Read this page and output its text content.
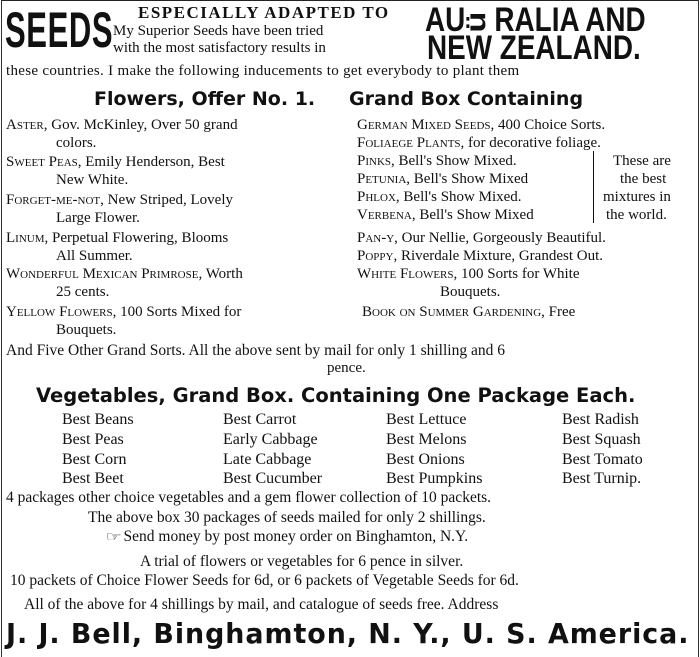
SEEDS ESPECIALLY ADAPTED TO
My Superior Seeds have been tried
with the most satisfactory results in
AUᴞ RALIA AND
NEW ZEALAND.
these countries. I make the following inducements to get everybody to plant them
Flowers, Offer No. 1. Grand Box Containing
Aster, Gov. McKinley, Over 50 grand
colors.
Sweet Peas, Emily Henderson, Best
New White.
Forget-me-not, New Striped, Lovely
Large Flower.
Linum, Perpetual Flowering, Blooms
All Summer.
Wonderful Mexican Primrose, Worth
25 cents.
Yellow Flowers, 100 Sorts Mixed for
Bouquets.
German Mixed Seeds, 400 Choice Sorts.
Foliaege Plants, for decorative foliage.
Pinks, Bell's Show Mixed.
Petunia, Bell's Show Mixed
Phlox, Bell's Show Mixed.
Verbena, Bell's Show Mixed
Pan-y, Our Nellie, Gorgeously Beautiful.
Poppy, Riverdale Mixture, Grandest Out.
White Flowers, 100 Sorts for White
Bouquets.
Book on Summer Gardening, Free
These are
the best
mixtures in
the world.
And Five Other Grand Sorts. All the above sent by mail for only 1 shilling and 6
pence.
Vegetables, Grand Box. Containing One Package Each.
Best Beans
Best Peas
Best Corn
Best Beet
Best Carrot
Early Cabbage
Late Cabbage
Best Cucumber
Best Lettuce
Best Melons
Best Onions
Best Pumpkins
Best Radish
Best Squash
Best Tomato
Best Turnip.
4 packages other choice vegetables and a gem flower collection of 10 packets.
The above box 30 packages of seeds mailed for only 2 shillings.
☞ Send money by post money order on Binghamton, N.Y.
A trial of flowers or vegetables for 6 pence in silver.
10 packets of Choice Flower Seeds for 6d, or 6 packets of Vegetable Seeds for 6d.
All of the above for 4 shillings by mail, and catalogue of seeds free. Address
J. J. Bell, Binghamton, N. Y., U. S. America.
